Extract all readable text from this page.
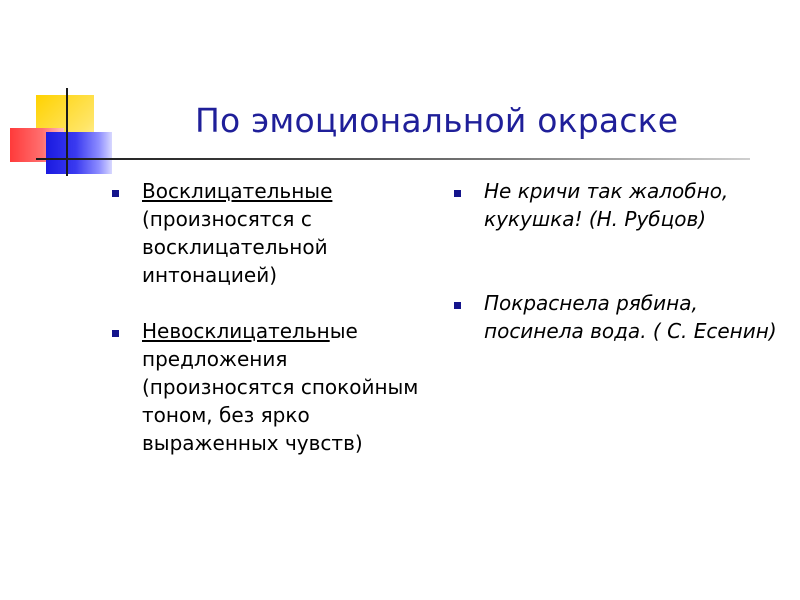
По эмоциональной окраске
Восклицательные (произносятся с восклицательной интонацией)
Невосклицательные предложения (произносятся спокойным тоном, без ярко выраженных чувств)
Не кричи так жалобно, кукушка! (Н. Рубцов)
Покраснела рябина, посинела вода. ( С. Есенин)
